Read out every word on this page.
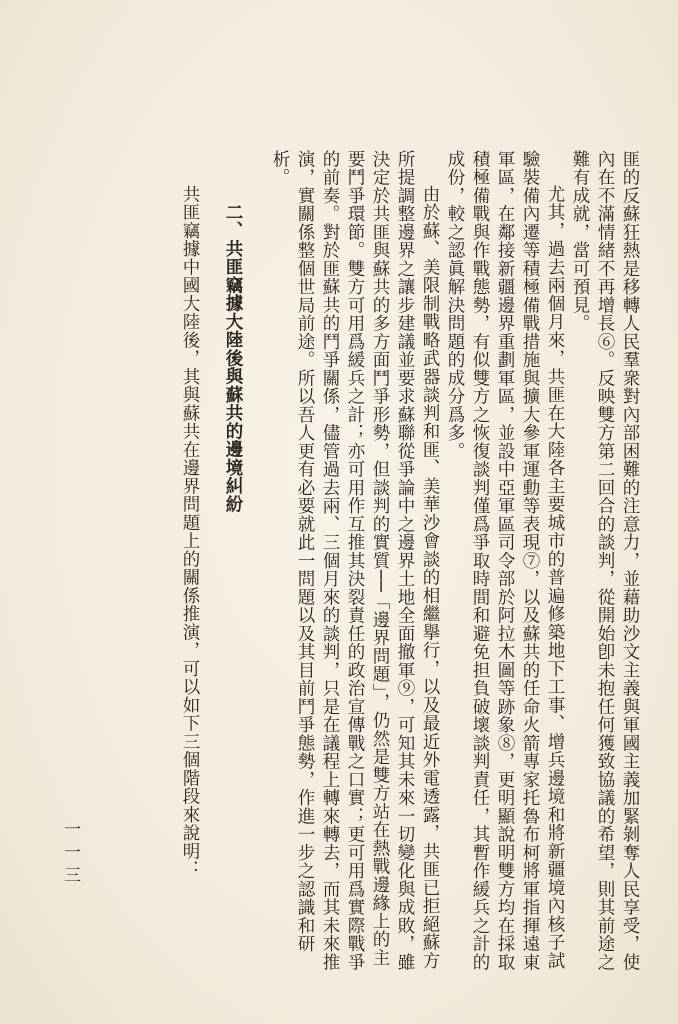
匪的反蘇狂熱是移轉人民羣衆對內部困難的注意力，並藉助沙文主義與軍國主義加緊剝奪人民享受，使內在不滿情緒不再增長⑥。反映雙方第二回合的談判，從開始卽未抱任何獲致協議的希望，則其前途之難有成就，當可預見。

尤其，過去兩個月來，共匪在大陸各主要城市的普遍修築地下工事、增兵邊境和將新疆境內核子試驗裝備內遷等積極備戰措施與擴大參軍運動等表現⑦，以及蘇共的任命火箭專家托魯布柯將軍指揮遠東軍區，在鄰接新疆邊界重劃軍區，並設中亞軍區司令部於阿拉木圖等跡象⑧，更明顯說明雙方均在採取積極備戰與作戰態勢，有似雙方之恢復談判僅爲爭取時間和避免担負破壞談判責任，其暫作緩兵之計的成份，較之認眞解決問題的成分爲多。

由於蘇、美限制戰略武器談判和匪、美華沙會談的相繼擧行，以及最近外電透露，共匪已拒絕蘇方所提調整邊界之讓步建議並要求蘇聯從爭論中之邊界土地全面撤軍⑨，可知其未來一切變化與成敗，雖決定於共匪與蘇共的多方面鬥爭形勢，但談判的實質──「邊界問題」，仍然是雙方站在熱戰邊緣上的主要鬥爭環節。雙方可用爲緩兵之計；亦可用作互推其決裂責任的政治宣傳戰之口實；更可用爲實際戰爭的前奏。對於匪蘇共的鬥爭關係，儘管過去兩、三個月來的談判，只是在議程上轉來轉去，而其未來推演，實關係整個世局前途。所以吾人更有必要就此一問題以及其目前鬥爭態勢，作進一步之認識和研析。

二、共匪竊據大陸後與蘇共的邊境糾紛

共匪竊據中國大陸後，其與蘇共在邊界問題上的關係推演，可以如下三個階段來說明：

一一三
